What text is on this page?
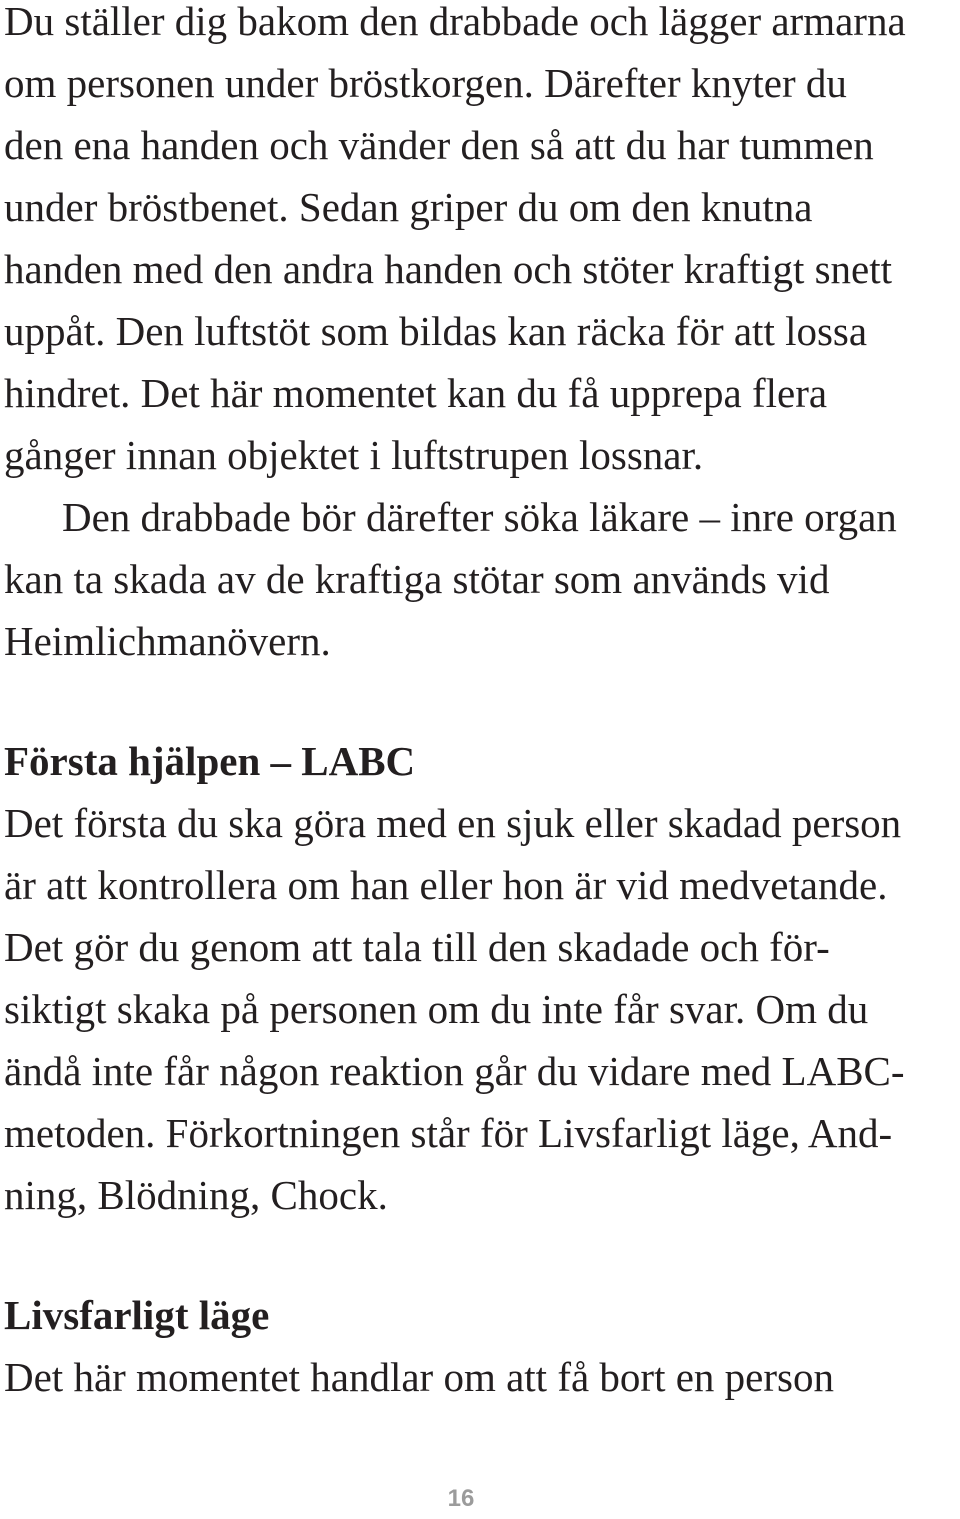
Du ställer dig bakom den drabbade och lägger armarna

om personen under bröstkorgen. Därefter knyter du

den ena handen och vänder den så att du har tummen

under bröstbenet. Sedan griper du om den knutna

handen med den andra handen och stöter kraftigt snett

uppåt. Den luftstöt som bildas kan räcka för att lossa

hindret. Det här momentet kan du få upprepa flera

gånger innan objektet i luftstrupen lossnar.

Den drabbade bör därefter söka läkare – inre organ

kan ta skada av de kraftiga stötar som används vid

Heimlichmanövern.

Första hjälpen – LABC

Det första du ska göra med en sjuk eller skadad person

är att kontrollera om han eller hon är vid medvetande.

Det gör du genom att tala till den skadade och för-

siktigt skaka på personen om du inte får svar. Om du

ändå inte får någon reaktion går du vidare med LABC-

metoden. Förkortningen står för Livsfarligt läge, And-

ning, Blödning, Chock.

Livsfarligt läge

Det här momentet handlar om att få bort en person

16
